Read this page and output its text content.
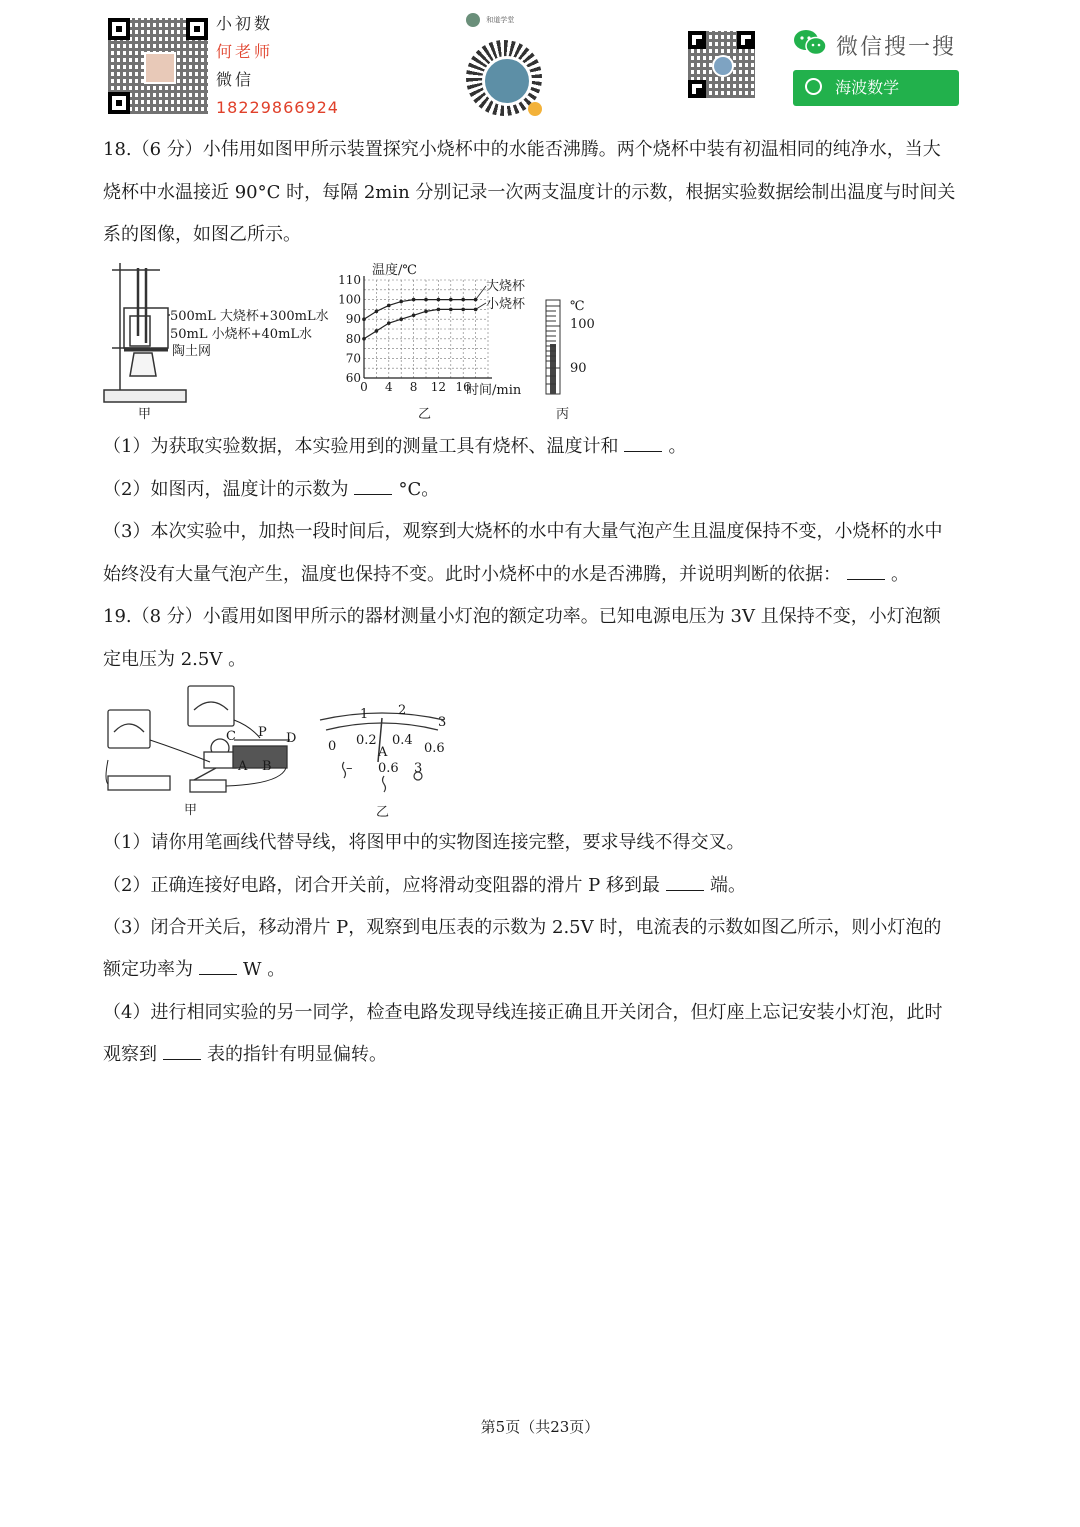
小初数
何老师
微信
18229866924
和道学堂
微信搜一搜
海波数学
18.（6 分）小伟用如图甲所示装置探究小烧杯中的水能否沸腾。两个烧杯中装有初温相同的纯净水，当大
烧杯中水温接近 90°C 时，每隔 2min 分别记录一次两支温度计的示数，根据实验数据绘制出温度与时间关
系的图像，如图乙所示。
500mL 大烧杯+300mL水
50mL 小烧杯+40mL水
陶土网
甲
60
70
80
90
100
110
0 4 8 12 16
温度/℃
时间/min
大烧杯
小烧杯
乙
℃
100
90
丙
（1）为获取实验数据，本实验用到的测量工具有烧杯、温度计和	。
（2）如图丙，温度计的示数为	°C。
（3）本次实验中，加热一段时间后，观察到大烧杯的水中有大量气泡产生且温度保持不变，小烧杯的水中
始终没有大量气泡产生，温度也保持不变。此时小烧杯中的水是否沸腾，并说明判断的依据：	。
19.（8 分）小霞用如图甲所示的器材测量小灯泡的额定功率。已知电源电压为 3V 且保持不变，小灯泡额
定电压为 2.5V 。
C P D
A B
甲
1 2
3
0 0.2 0.4
0.6
A
– 0.6 3
乙
（1）请你用笔画线代替导线，将图甲中的实物图连接完整，要求导线不得交叉。
（2）正确连接好电路，闭合开关前，应将滑动变阻器的滑片 P 移到最	端。
（3）闭合开关后，移动滑片 P，观察到电压表的示数为 2.5V 时，电流表的示数如图乙所示，则小灯泡的
额定功率为	W 。
（4）进行相同实验的另一同学，检查电路发现导线连接正确且开关闭合，但灯座上忘记安装小灯泡，此时
观察到	表的指针有明显偏转。
第5页（共23页）
